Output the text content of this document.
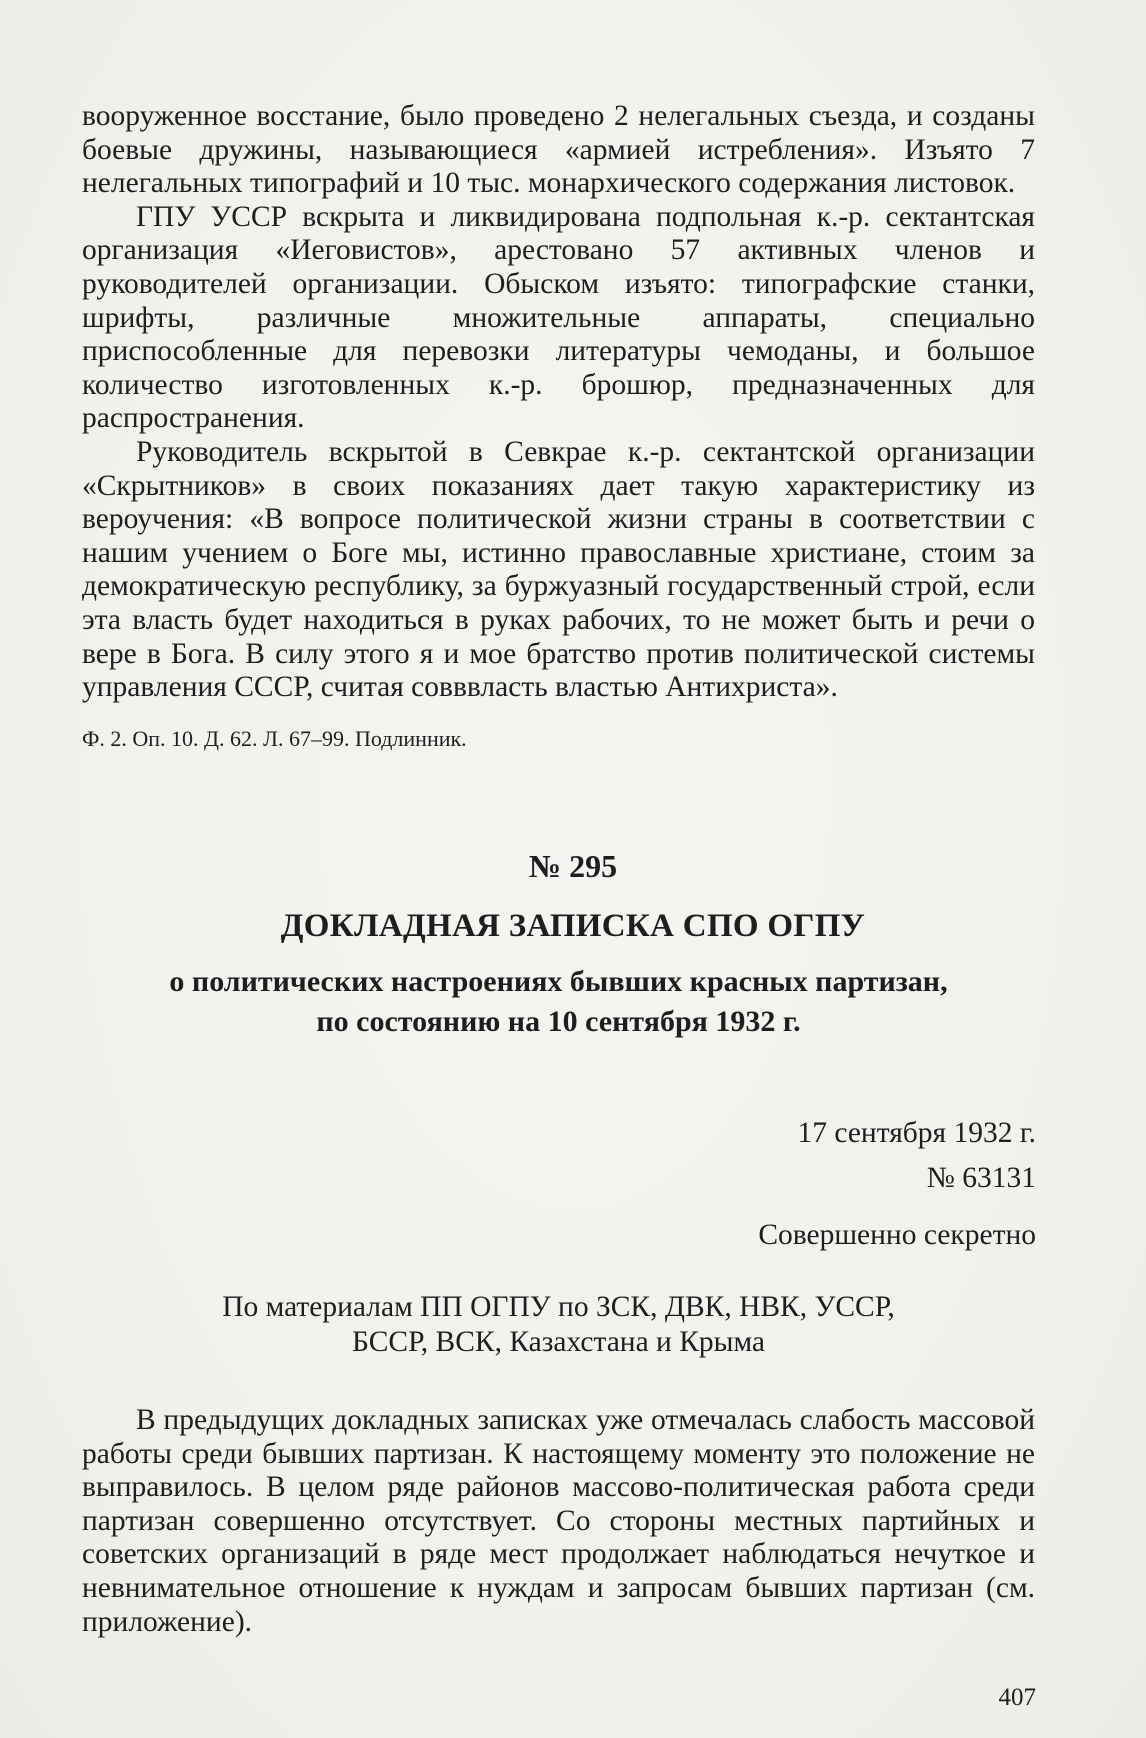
вооруженное восстание, было проведено 2 нелегальных съезда, и созданы боевые дружины, называющиеся «армией истребления». Изъято 7 нелегальных типографий и 10 тыс. монархического содержания листовок.

ГПУ УССР вскрыта и ликвидирована подпольная к.-р. сектантская организация «Иеговистов», арестовано 57 активных членов и руководителей организации. Обыском изъято: типографские станки, шрифты, различные множительные аппараты, специально приспособленные для перевозки литературы чемоданы, и большое количество изготовленных к.-р. брошюр, предназначенных для распространения.

Руководитель вскрытой в Севкрае к.-р. сектантской организации «Скрытников» в своих показаниях дает такую характеристику из вероучения: «В вопросе политической жизни страны в соответствии с нашим учением о Боге мы, истинно православные христиане, стоим за демократическую республику, за буржуазный государственный строй, если эта власть будет находиться в руках рабочих, то не может быть и речи о вере в Бога. В силу этого я и мое братство против политической системы управления СССР, считая совввласть властью Антихриста».

Ф. 2. Оп. 10. Д. 62. Л. 67–99. Подлинник.
№ 295
ДОКЛАДНАЯ ЗАПИСКА СПО ОГПУ
о политических настроениях бывших красных партизан,
по состоянию на 10 сентября 1932 г.
17 сентября 1932 г.
№ 63131
Совершенно секретно
По материалам ПП ОГПУ по ЗСК, ДВК, НВК, УССР,
БССР, ВСК, Казахстана и Крыма

В предыдущих докладных записках уже отмечалась слабость массовой работы среди бывших партизан. К настоящему моменту это положение не выправилось. В целом ряде районов массово-политическая работа среди партизан совершенно отсутствует. Со стороны местных партийных и советских организаций в ряде мест продолжает наблюдаться нечуткое и невнимательное отношение к нуждам и запросам бывших партизан (см. приложение).

407
